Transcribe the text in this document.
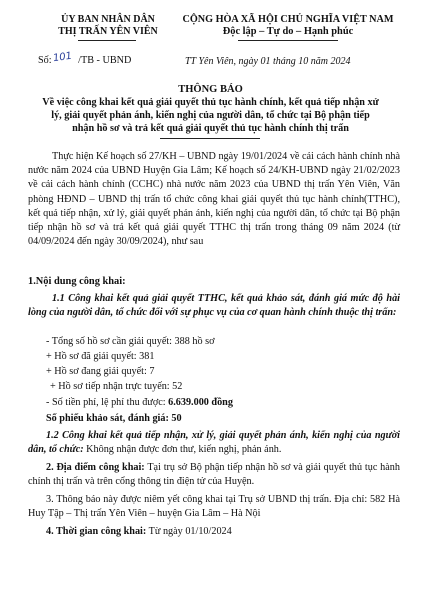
ỦY BAN NHÂN DÂN
THỊ TRẤN YÊN VIÊN
CỘNG HÒA XÃ HỘI CHỦ NGHĨA VIỆT NAM
Độc lập – Tự do – Hạnh phúc
Số:	/TB - UBND
101	TT Yên Viên, ngày 01 tháng 10 năm 2024
THÔNG BÁO
Về việc công khai kết quả giải quyết thủ tục hành chính, kết quả tiếp nhận xử
lý, giải quyết phản ánh, kiến nghị của người dân, tổ chức tại Bộ phận tiếp
nhận hồ sơ và trả kết quả giải quyết thủ tục hành chính thị trấn

Thực hiện Kế hoạch số 27/KH – UBND ngày 19/01/2024 về cải cách hành chính nhà nước năm 2024 của UBND Huyện Gia Lâm; Kế hoạch số 24/KH-UBND ngày 21/02/2023 về cải cách hành chính (CCHC) nhà nước năm 2023 của UBND thị trấn Yên Viên, Văn phòng HĐND – UBND thị trấn tổ chức công khai giải quyết thủ tục hành chính(TTHC), kết quả tiếp nhận, xử lý, giải quyết phản ánh, kiến nghị của người dân, tổ chức tại Bộ phận tiếp nhận hồ sơ và trả kết quả giải quyết TTHC thị trấn trong tháng 09 năm 2024 (từ 04/09/2024 đến ngày 30/09/2024), như sau

1.Nội dung công khai:

1.1 Công khai kết quả giải quyết TTHC, kết quả khảo sát, đánh giá mức độ hài lòng của người dân, tổ chức đối với sự phục vụ của cơ quan hành chính thuộc thị trấn:

- Tổng số hồ sơ cần giải quyết: 388 hồ sơ
+ Hồ sơ đã giải quyết: 381
+ Hồ sơ đang giải quyết: 7
+ Hồ sơ tiếp nhận trực tuyến: 52
- Số tiền phí, lệ phí thu được: 6.639.000 đồng
Số phiếu khảo sát, đánh giá: 50

1.2 Công khai kết quả tiếp nhận, xử lý, giải quyết phản ánh, kiến nghị của người dân, tổ chức: Không nhận được đơn thư, kiến nghị, phản ánh.

2. Địa điểm công khai: Tại trụ sở Bộ phận tiếp nhận hồ sơ và giải quyết thủ tục hành chính thị trấn và trên cổng thông tin điện tử của Huyện.

3. Thông báo này được niêm yết công khai tại Trụ sở UBND thị trấn. Địa chỉ: 582 Hà Huy Tập – Thị trấn Yên Viên – huyện Gia Lâm – Hà Nội

4. Thời gian công khai: Từ ngày 01/10/2024
